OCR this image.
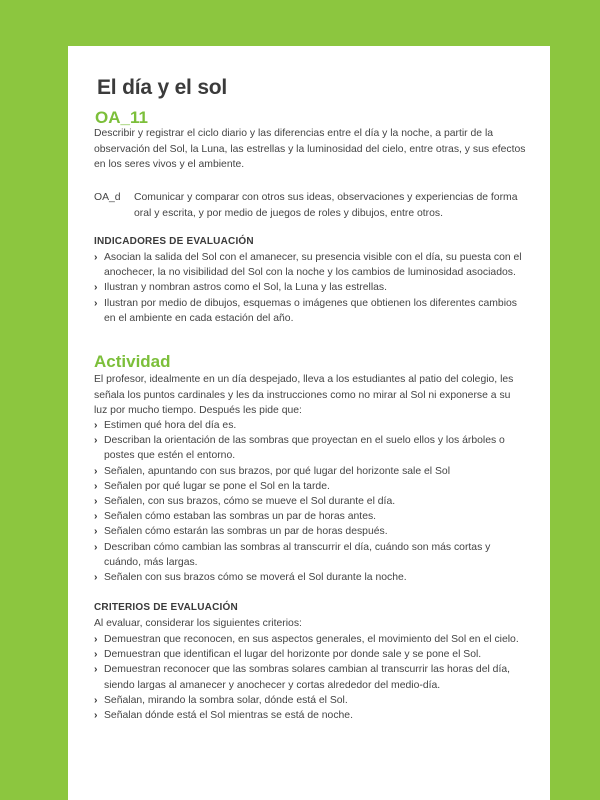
El día y el sol
OA_11
Describir y registrar el ciclo diario y las diferencias entre el día y la noche, a partir de la observación del Sol, la Luna, las estrellas y la luminosidad del cielo, entre otras, y sus efectos en los seres vivos y el ambiente.
OA_d	Comunicar y comparar con otros sus ideas, observaciones y experiencias de forma oral y escrita, y por medio de juegos de roles y dibujos, entre otros.
INDICADORES DE EVALUACIÓN
› Asocian la salida del Sol con el amanecer, su presencia visible con el día, su puesta con el anochecer, la no visibilidad del Sol con la noche y los cambios de luminosidad asociados.
› Ilustran y nombran astros como el Sol, la Luna y las estrellas.
› Ilustran por medio de dibujos, esquemas o imágenes que obtienen los diferentes cambios en el ambiente en cada estación del año.
Actividad
El profesor, idealmente en un día despejado, lleva a los estudiantes al patio del colegio, les señala los puntos cardinales y les da instrucciones como no mirar al Sol ni exponerse a su luz por mucho tiempo. Después les pide que:
› Estimen qué hora del día es.
› Describan la orientación de las sombras que proyectan en el suelo ellos y los árboles o postes que estén el entorno.
› Señalen, apuntando con sus brazos, por qué lugar del horizonte sale el Sol
› Señalen por qué lugar se pone el Sol en la tarde.
› Señalen, con sus brazos, cómo se mueve el Sol durante el día.
› Señalen cómo estaban las sombras un par de horas antes.
› Señalen cómo estarán las sombras un par de horas después.
› Describan cómo cambian las sombras al transcurrir el día, cuándo son más cortas y cuándo, más largas.
› Señalen con sus brazos cómo se moverá el Sol durante la noche.
CRITERIOS DE EVALUACIÓN
Al evaluar, considerar los siguientes criterios:
› Demuestran que reconocen, en sus aspectos generales, el movimiento del Sol en el cielo.
› Demuestran que identifican el lugar del horizonte por donde sale y se pone el Sol.
› Demuestran reconocer que las sombras solares cambian al transcurrir las horas del día, siendo largas al amanecer y anochecer y cortas alrededor del medio-día.
› Señalan, mirando la sombra solar, dónde está el Sol.
› Señalan dónde está el Sol mientras se está de noche.
